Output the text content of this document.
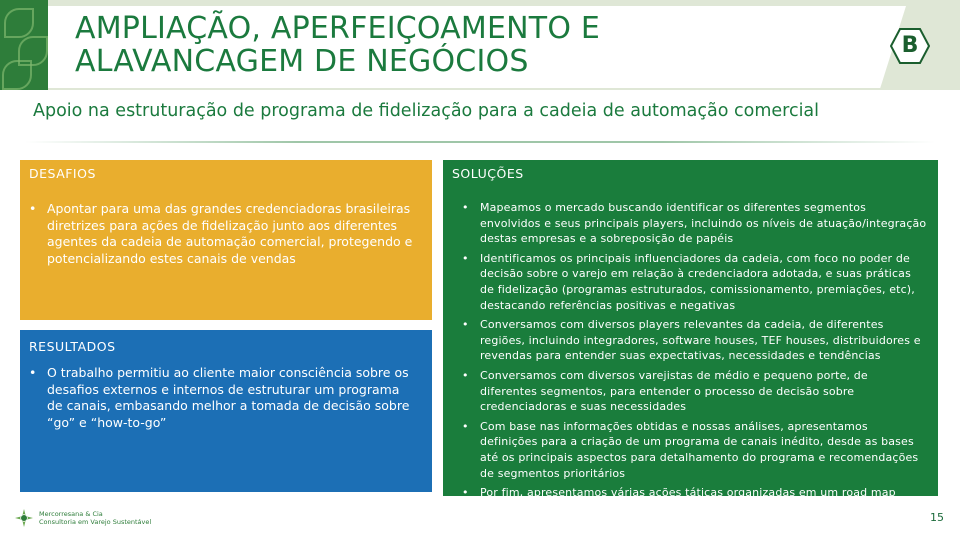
AMPLIAÇÃO, APERFEIÇOAMENTO E
ALAVANCAGEM DE NEGÓCIOS	B
Apoio na estruturação de programa de fidelização para a cadeia de automação comercial
DESAFIOS
• Apontar para uma das grandes credenciadoras brasileiras diretrizes para ações de fidelização junto aos diferentes agentes da cadeia de automação comercial, protegendo e potencializando estes canais de vendas
RESULTADOS
• O trabalho permitiu ao cliente maior consciência sobre os desafios externos e internos de estruturar um programa de canais, embasando melhor a tomada de decisão sobre “go” e “how-to-go”
SOLUÇÕES
• Mapeamos o mercado buscando identificar os diferentes segmentos envolvidos e seus principais players, incluindo os níveis de atuação/integração destas empresas e a sobreposição de papéis
• Identificamos os principais influenciadores da cadeia, com foco no poder de decisão sobre o varejo em relação à credenciadora adotada, e suas práticas de fidelização (programas estruturados, comissionamento, premiações, etc), destacando referências positivas e negativas
• Conversamos com diversos players relevantes da cadeia, de diferentes regiões, incluindo integradores, software houses, TEF houses, distribuidores e revendas para entender suas expectativas, necessidades e tendências
• Conversamos com diversos varejistas de médio e pequeno porte, de diferentes segmentos, para entender o processo de decisão sobre credenciadoras e suas necessidades
• Com base nas informações obtidas e nossas análises, apresentamos definições para a criação de um programa de canais inédito, desde as bases até os principais aspectos para detalhamento do programa e recomendações de segmentos prioritários
• Por fim, apresentamos várias ações táticas organizadas em um road map
Mercorresana & Cia
Consultoria em Varejo Sustentável	15
